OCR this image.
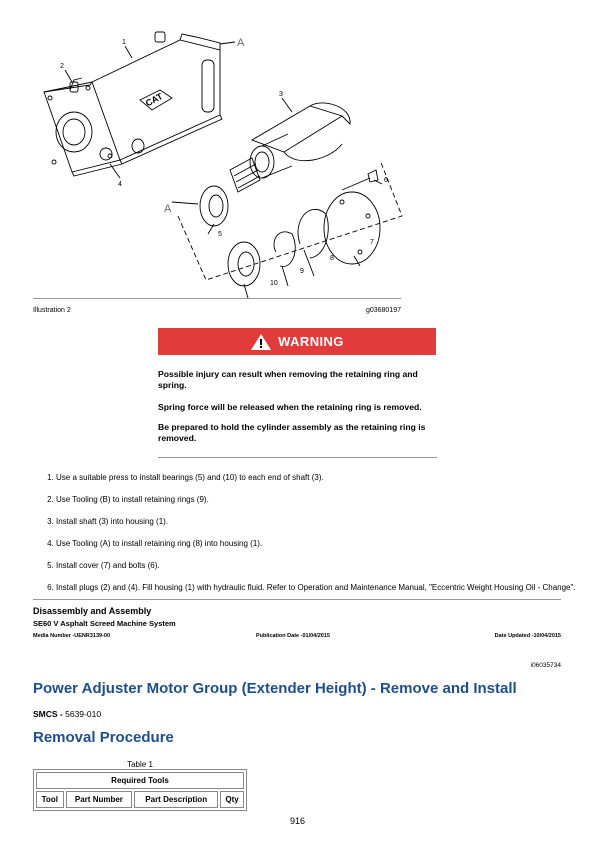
1
2
3
4
5
6
7
8
9
10
A
A
CAT
Illustration 2	g03680197
WARNING
Possible injury can result when removing the retaining ring and spring.
Spring force will be released when the retaining ring is removed.
Be prepared to hold the cylinder assembly as the retaining ring is removed.
1. Use a suitable press to install bearings (5) and (10) to each end of shaft (3).
2. Use Tooling (B) to install retaining rings (9).
3. Install shaft (3) into housing (1).
4. Use Tooling (A) to install retaining ring (8) into housing (1).
5. Install cover (7) and bolts (6).
6. Install plugs (2) and (4). Fill housing (1) with hydraulic fluid. Refer to Operation and Maintenance Manual, "Eccentric Weight Housing Oil - Change".
Disassembly and Assembly
SE60 V Asphalt Screed Machine System
Media Number -UENR3139-00	Publication Date -01/04/2015	Date Updated -10/04/2015
i06035734
Power Adjuster Motor Group (Extender Height) - Remove and Install
SMCS - 5639-010
Removal Procedure
Table 1
Required Tools
Tool	Part Number	Part Description	Qty
916
